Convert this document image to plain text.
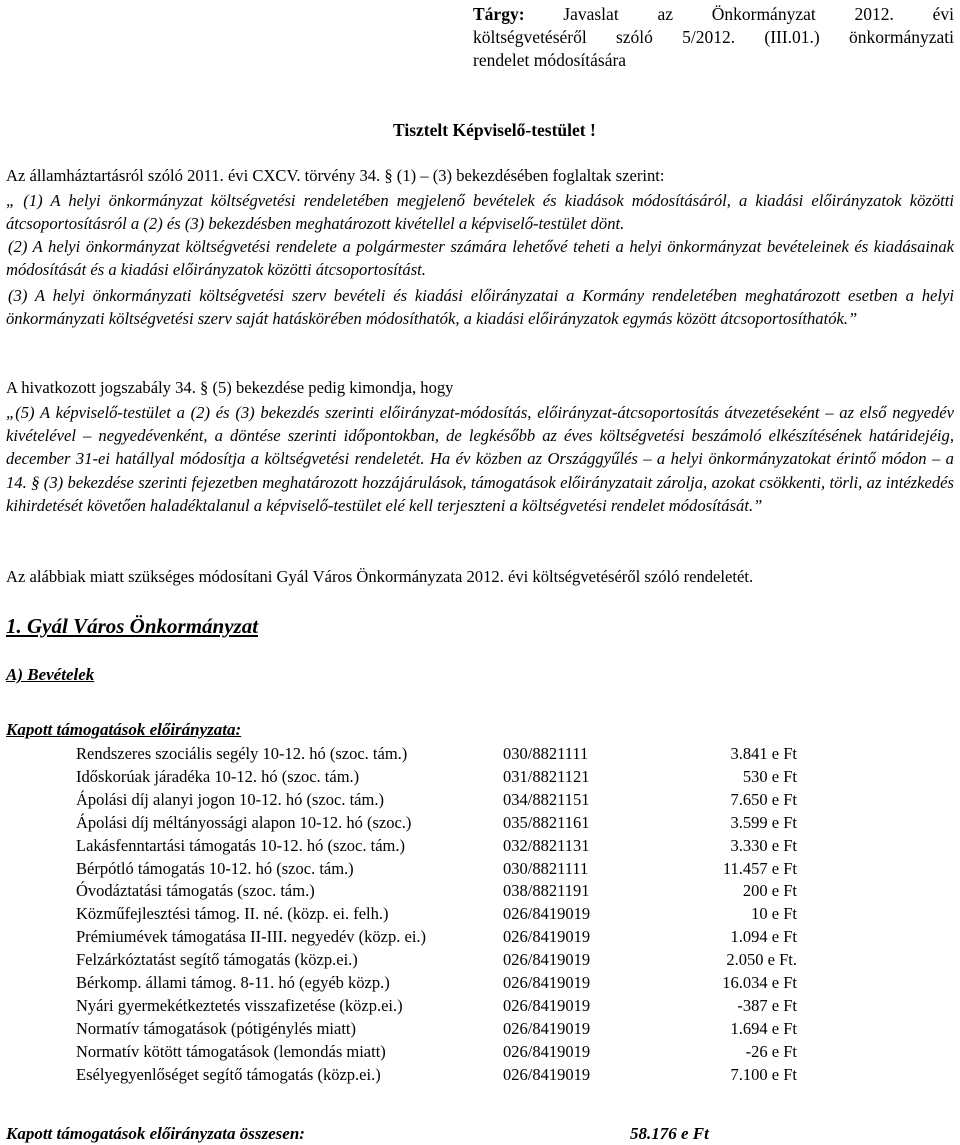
Tárgy: Javaslat az Önkormányzat 2012. évi
költségvetéséről szóló 5/2012. (III.01.) önkormányzati
rendelet módosítására
Tisztelt Képviselő-testület !
Az államháztartásról szóló 2011. évi CXCV. törvény 34. § (1) – (3) bekezdésében foglaltak szerint:
„ (1) A helyi önkormányzat költségvetési rendeletében megjelenő bevételek és kiadások módosításáról, a kiadási előirányzatok közötti átcsoportosításról a (2) és (3) bekezdésben meghatározott kivétellel a képviselő-testület dönt.
(2) A helyi önkormányzat költségvetési rendelete a polgármester számára lehetővé teheti a helyi önkormányzat bevételeinek és kiadásainak módosítását és a kiadási előirányzatok közötti átcsoportosítást.
(3) A helyi önkormányzati költségvetési szerv bevételi és kiadási előirányzatai a Kormány rendeletében meghatározott esetben a helyi önkormányzati költségvetési szerv saját hatáskörében módosíthatók, a kiadási előirányzatok egymás között átcsoportosíthatók.”
A hivatkozott jogszabály 34. § (5) bekezdése pedig kimondja, hogy
„(5) A képviselő-testület a (2) és (3) bekezdés szerinti előirányzat-módosítás, előirányzat-átcsoportosítás átvezetéseként – az első negyedév kivételével – negyedévenként, a döntése szerinti időpontokban, de legkésőbb az éves költségvetési beszámoló elkészítésének határidejéig, december 31-ei hatállyal módosítja a költségvetési rendeletét. Ha év közben az Országgyűlés – a helyi önkormányzatokat érintő módon – a 14. § (3) bekezdése szerinti fejezetben meghatározott hozzájárulások, támogatások előirányzatait zárolja, azokat csökkenti, törli, az intézkedés kihirdetését követően haladéktalanul a képviselő-testület elé kell terjeszteni a költségvetési rendelet módosítását.”
Az alábbiak miatt szükséges módosítani Gyál Város Önkormányzata 2012. évi költségvetéséről szóló rendeletét.
1. Gyál Város Önkormányzat
A) Bevételek
Kapott támogatások előirányzata:
Rendszeres szociális segély 10-12. hó (szoc. tám.)	030/8821111	3.841 e Ft
Időskorúak járadéka 10-12. hó (szoc. tám.)	031/8821121	530 e Ft
Ápolási díj alanyi jogon 10-12. hó (szoc. tám.)	034/8821151	7.650 e Ft
Ápolási díj méltányossági alapon 10-12. hó (szoc.)	035/8821161	3.599 e Ft
Lakásfenntartási támogatás 10-12. hó (szoc. tám.)	032/8821131	3.330 e Ft
Bérpótló támogatás 10-12. hó (szoc. tám.)	030/8821111	11.457 e Ft
Óvodáztatási támogatás (szoc. tám.)	038/8821191	200 e Ft
Közműfejlesztési támog. II. né. (közp. ei. felh.)	026/8419019	10 e Ft
Prémiumévek támogatása II-III. negyedév (közp. ei.)	026/8419019	1.094 e Ft
Felzárkóztatást segítő támogatás (közp.ei.)	026/8419019	2.050 e Ft.
Bérkomp. állami támog. 8-11. hó (egyéb közp.)	026/8419019	16.034 e Ft
Nyári gyermekétkeztetés visszafizetése (közp.ei.)	026/8419019	-387 e Ft
Normatív támogatások (pótigénylés miatt)	026/8419019	1.694 e Ft
Normatív kötött támogatások (lemondás miatt)	026/8419019	-26 e Ft
Esélyegyenlőséget segítő támogatás (közp.ei.)	026/8419019	7.100 e Ft
Kapott támogatások előirányzata összesen:	58.176 e Ft
